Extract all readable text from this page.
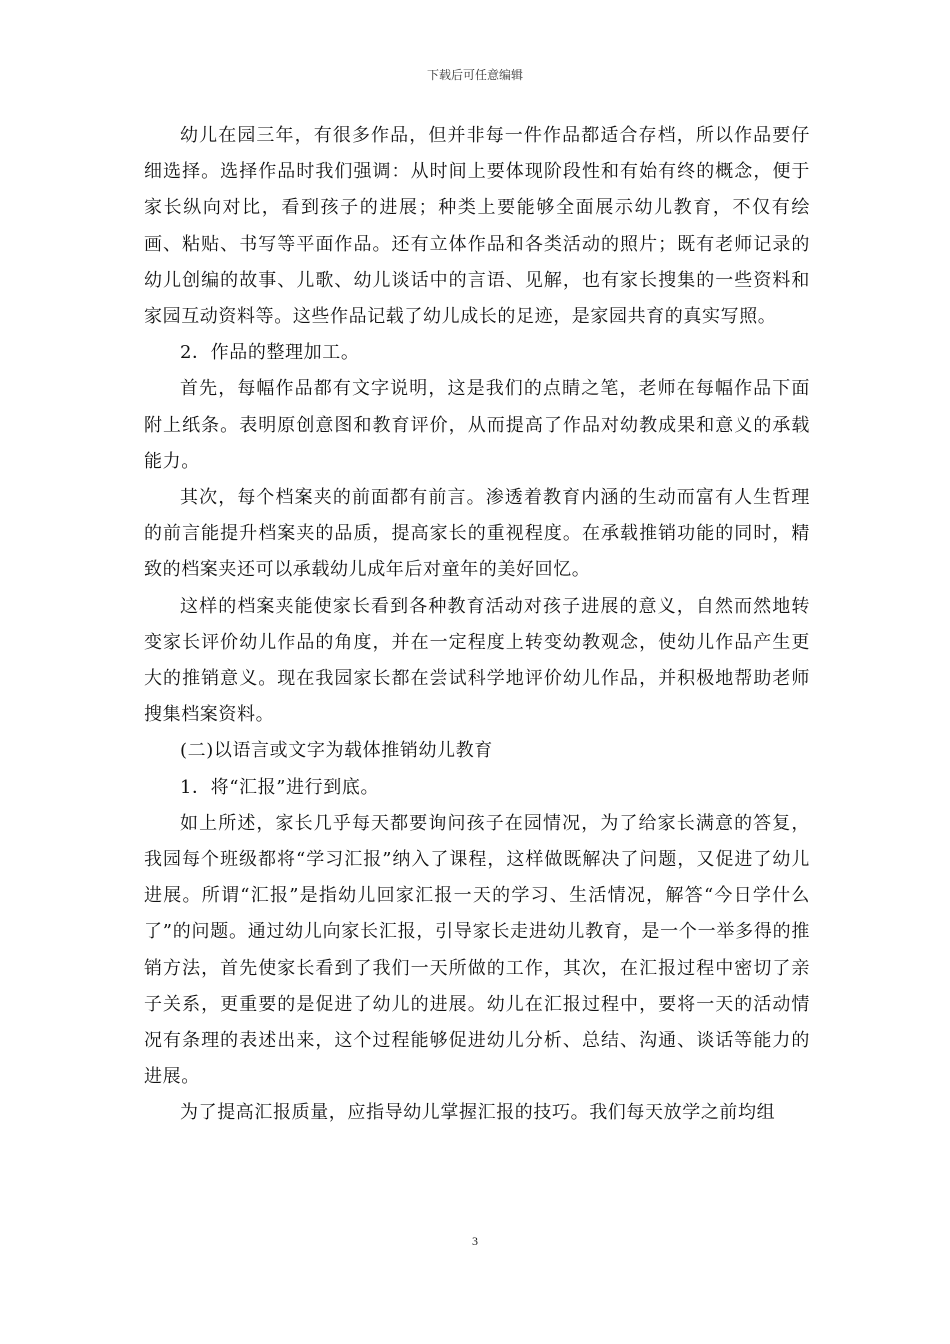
下载后可任意编辑

幼儿在园三年，有很多作品，但并非每一件作品都适合存档，所以作品要仔细选择。选择作品时我们强调：从时间上要体现阶段性和有始有终的概念，便于家长纵向对比，看到孩子的进展；种类上要能够全面展示幼儿教育，不仅有绘画、粘贴、书写等平面作品。还有立体作品和各类活动的照片；既有老师记录的幼儿创编的故事、儿歌、幼儿谈话中的言语、见解，也有家长搜集的一些资料和家园互动资料等。这些作品记载了幼儿成长的足迹，是家园共育的真实写照。

2．作品的整理加工。

首先，每幅作品都有文字说明，这是我们的点睛之笔，老师在每幅作品下面附上纸条。表明原创意图和教育评价，从而提高了作品对幼教成果和意义的承载能力。

其次，每个档案夹的前面都有前言。渗透着教育内涵的生动而富有人生哲理的前言能提升档案夹的品质，提高家长的重视程度。在承载推销功能的同时，精致的档案夹还可以承载幼儿成年后对童年的美好回忆。

这样的档案夹能使家长看到各种教育活动对孩子进展的意义，自然而然地转变家长评价幼儿作品的角度，并在一定程度上转变幼教观念，使幼儿作品产生更大的推销意义。现在我园家长都在尝试科学地评价幼儿作品，并积极地帮助老师搜集档案资料。

(二)以语言或文字为载体推销幼儿教育

1．将“汇报”进行到底。

如上所述，家长几乎每天都要询问孩子在园情况，为了给家长满意的答复，我园每个班级都将“学习汇报”纳入了课程，这样做既解决了问题，又促进了幼儿进展。所谓“汇报”是指幼儿回家汇报一天的学习、生活情况，解答“今日学什么了”的问题。通过幼儿向家长汇报，引导家长走进幼儿教育，是一个一举多得的推销方法，首先使家长看到了我们一天所做的工作，其次，在汇报过程中密切了亲子关系，更重要的是促进了幼儿的进展。幼儿在汇报过程中，要将一天的活动情况有条理的表述出来，这个过程能够促进幼儿分析、总结、沟通、谈话等能力的进展。

为了提高汇报质量，应指导幼儿掌握汇报的技巧。我们每天放学之前均组

3
